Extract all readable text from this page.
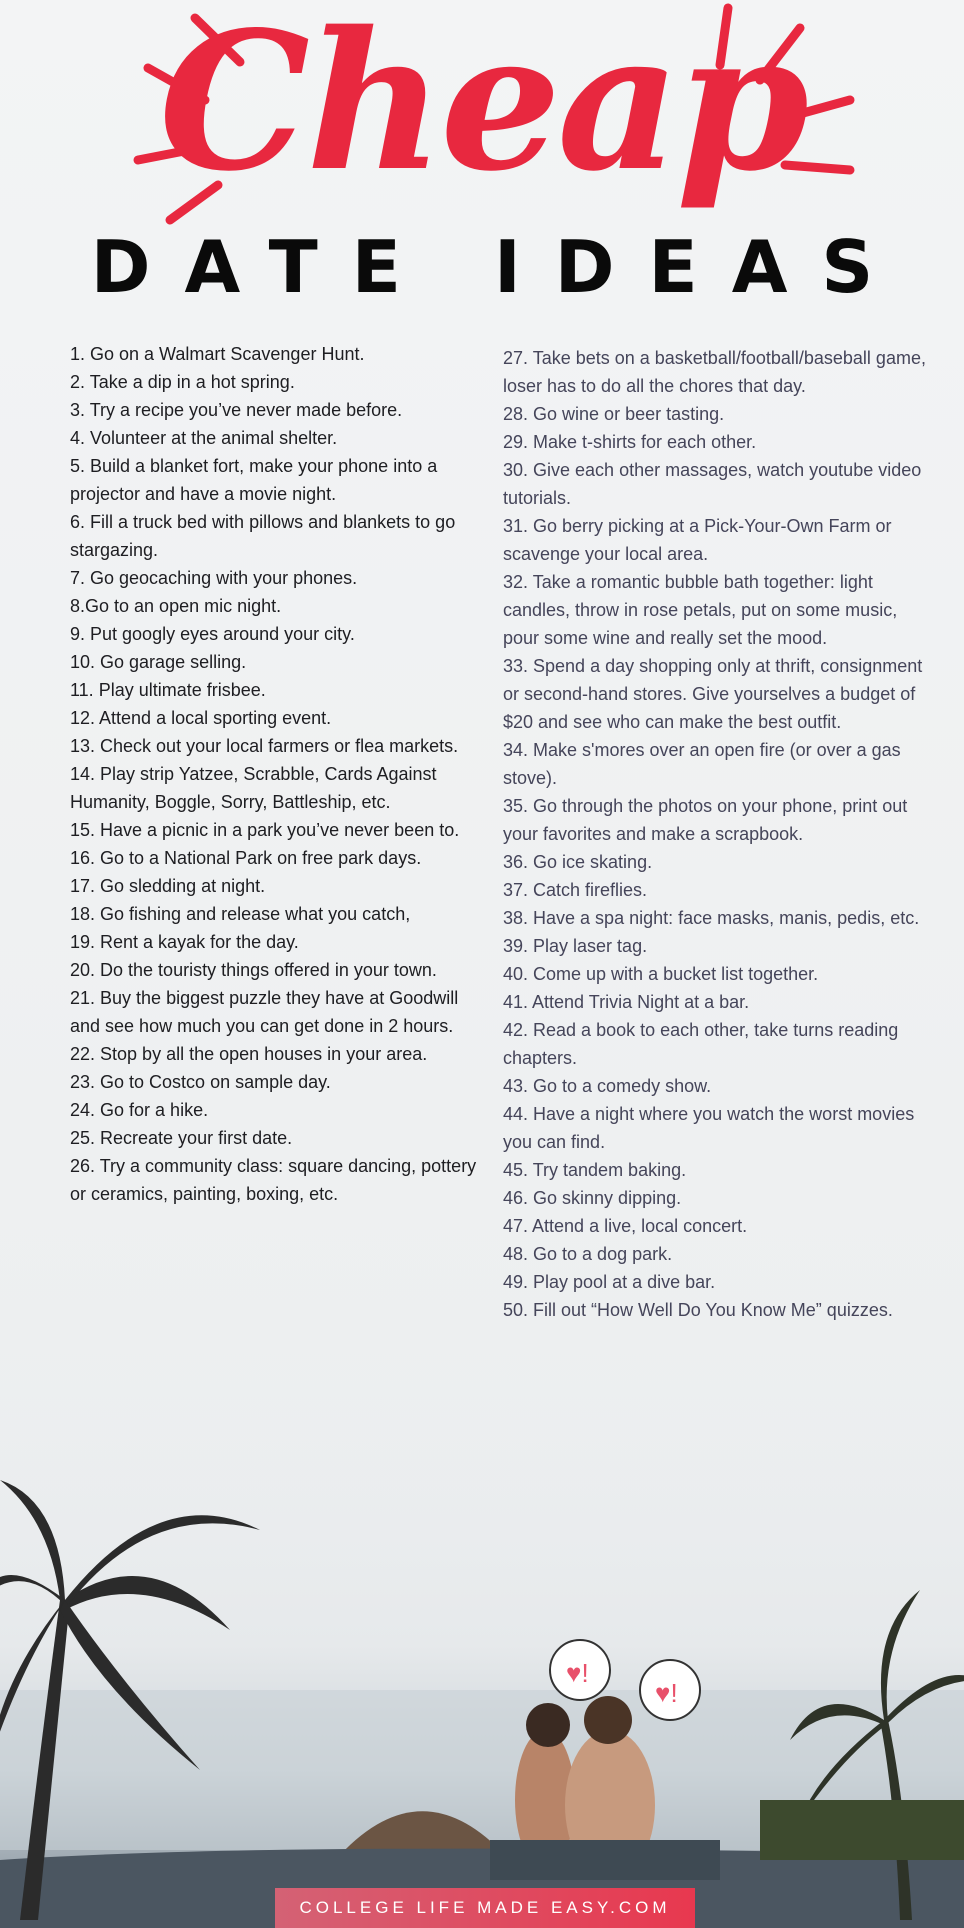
Cheap
DATE IDEAS
1. Go on a Walmart Scavenger Hunt.
2. Take a dip in a hot spring.
3. Try a recipe you’ve never made before.
4. Volunteer at the animal shelter.
5. Build a blanket fort, make your phone into a projector and have a movie night.
6. Fill a truck bed with pillows and blankets to go stargazing.
7. Go geocaching with your phones.
8.Go to an open mic night.
9. Put googly eyes around your city.
10. Go garage selling.
11. Play ultimate frisbee.
12. Attend a local sporting event.
13. Check out your local farmers or flea markets.
14. Play strip Yatzee, Scrabble, Cards Against Humanity, Boggle, Sorry, Battleship, etc.
15. Have a picnic in a park you’ve never been to.
16. Go to a National Park on free park days.
17. Go sledding at night.
18. Go fishing and release what you catch,
19. Rent a kayak for the day.
20. Do the touristy things offered in your town.
21. Buy the biggest puzzle they have at Goodwill and see how much you can get done in 2 hours.
22. Stop by all the open houses in your area.
23. Go to Costco on sample day.
24. Go for a hike.
25. Recreate your first date.
26. Try a community class: square dancing, pottery or ceramics, painting, boxing, etc.
27. Take bets on a basketball/football/baseball game, loser has to do all the chores that day.
28. Go wine or beer tasting.
29. Make t-shirts for each other.
30. Give each other massages, watch youtube video tutorials.
31. Go berry picking at a Pick-Your-Own Farm or scavenge your local area.
32. Take a romantic bubble bath together: light candles, throw in rose petals, put on some music, pour some wine and really set the mood.
33. Spend a day shopping only at thrift, consignment or second-hand stores. Give yourselves a budget of $20 and see who can make the best outfit.
34. Make s'mores over an open fire (or over a gas stove).
35. Go through the photos on your phone, print out your favorites and make a scrapbook.
36. Go ice skating.
37. Catch fireflies.
38. Have a spa night: face masks, manis, pedis, etc.
39. Play laser tag.
40. Come up with a bucket list together.
41. Attend Trivia Night at a bar.
42. Read a book to each other, take turns reading chapters.
43. Go to a comedy show.
44. Have a night where you watch the worst movies you can find.
45. Try tandem baking.
46. Go skinny dipping.
47. Attend a live, local concert.
48. Go to a dog park.
49. Play pool at a dive bar.
50. Fill out “How Well Do You Know Me” quizzes.
♥!
♥!
COLLEGE LIFE MADE EASY.COM
